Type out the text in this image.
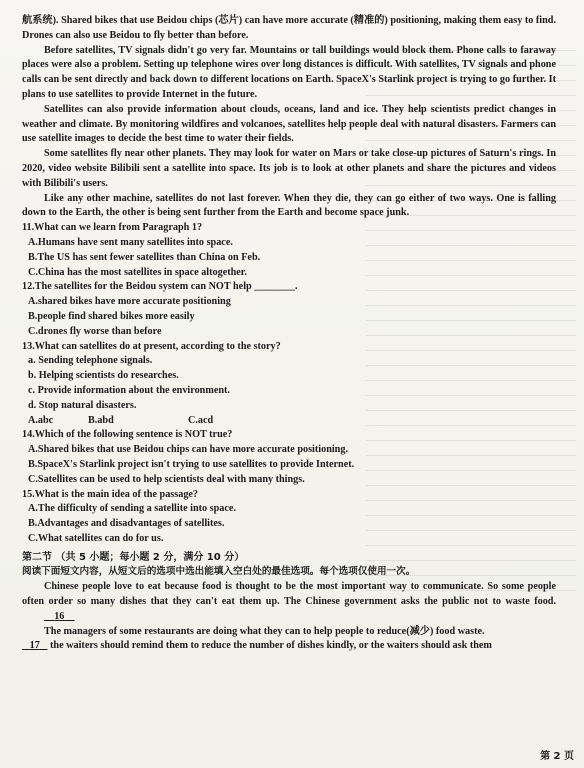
航系统). Shared bikes that use Beidou chips (芯片) can have more accurate (精准的) positioning, making them easy to find. Drones can also use Beidou to fly better than before.

Before satellites, TV signals didn't go very far. Mountains or tall buildings would block them. Phone calls to faraway places were also a problem. Setting up telephone wires over long distances is difficult. With satellites, TV signals and phone calls can be sent directly and back down to different locations on Earth. SpaceX's Starlink project is trying to go further. It plans to use satellites to provide Internet in the future.

Satellites can also provide information about clouds, oceans, land and ice. They help scientists predict changes in weather and climate. By monitoring wildfires and volcanoes, satellites help people deal with natural disasters. Farmers can use satellite images to decide the best time to water their fields.

Some satellites fly near other planets. They may look for water on Mars or take close-up pictures of Saturn's rings. In 2020, video website Bilibili sent a satellite into space. Its job is to look at other planets and share the pictures and videos with Bilibili's users.

Like any other machine, satellites do not last forever. When they die, they can go either of two ways. One is falling down to the Earth, the other is being sent further from the Earth and become space junk.

11.What can we learn from Paragraph 1?

A.Humans have sent many satellites into space.

B.The US has sent fewer satellites than China on Feb.

C.China has the most satellites in space altogether.

12.The satellites for the Beidou system can NOT help ________.

A.shared bikes have more accurate positioning

B.people find shared bikes more easily

C.drones fly worse than before

13.What can satellites do at present, according to the story?

a. Sending telephone signals.

b. Helping scientists do researches.

c. Provide information about the environment.

d. Stop natural disasters.

A.abc	B.abd	C.acd

14.Which of the following sentence is NOT true?

A.Shared bikes that use Beidou chips can have more accurate positioning.

B.SpaceX's Starlink project isn't trying to use satellites to provide Internet.

C.Satellites can be used to help scientists deal with many things.

15.What is the main idea of the passage?

A.The difficulty of sending a satellite into space.

B.Advantages and disadvantages of satellites.

C.What satellites can do for us.

第二节 （共 5 小题；每小题 2 分，满分 10 分）

阅读下面短文内容，从短文后的选项中选出能填入空白处的最佳选项。每个选项仅使用一次。

Chinese people love to eat because food is thought to be the most important way to communicate. So some people often order so many dishes that they can't eat them up. The Chinese government asks the public not to waste food.     16

The managers of some restaurants are doing what they can to help people to reduce(减少) food waste.

17 the waiters should remind them to reduce the number of dishes kindly, or the waiters should ask them

第 2 页
